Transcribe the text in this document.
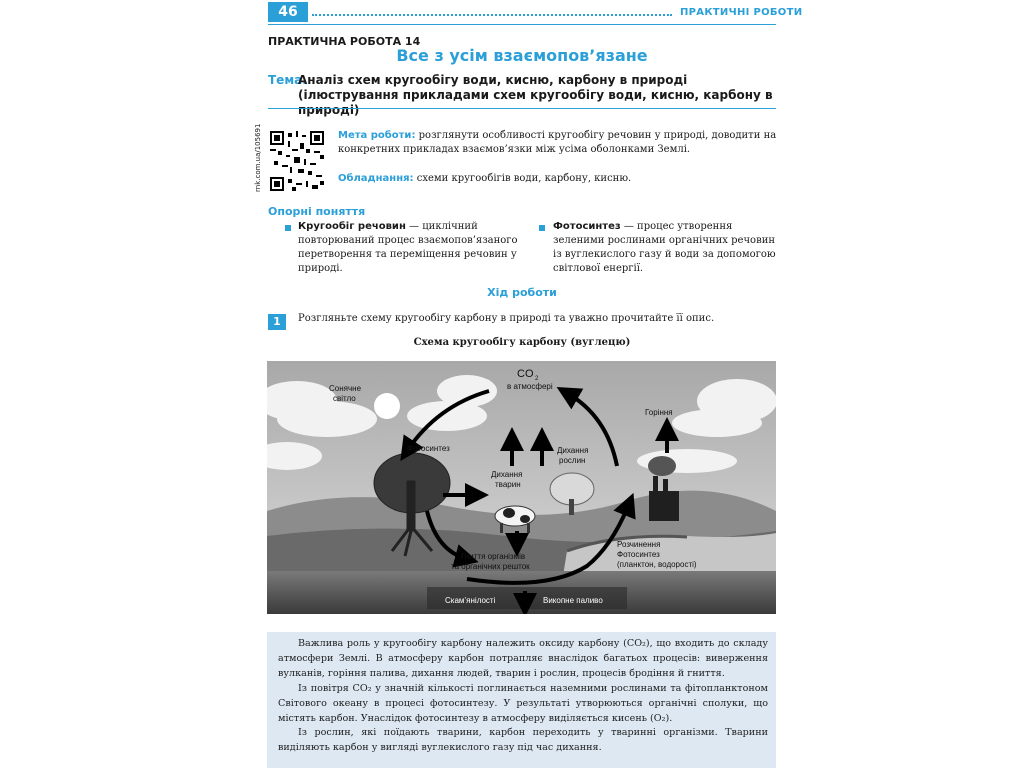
46	ПРАКТИЧНІ РОБОТИ
ПРАКТИЧНА РОБОТА 14
Все з усім взаємопов’язане
Тема.
Аналіз схем кругообігу води, кисню, карбону в природі (ілюстрування прикладами схем кругообігу води, кисню, карбону в природі)
rnk.com.ua/105691	Мета роботи: розглянути особливості кругообігу речовин у природі, доводити на конкретних прикладах взаємов’язки між усіма оболонками Землі.
Обладнання: схеми кругообігів води, карбону, кисню.
Опорні поняття
Кругообіг речовин — циклічний повторюваний процес взаємопов’язаного перетворення та переміщення речовин у природі.
Фотосинтез — процес утворення зеленими рослинами органічних речовин із вуглекислого газу й води за допомогою світлової енергії.
Хід роботи
1	Розгляньте схему кругообігу карбону в природі та уважно прочитайте її опис.
Схема кругообігу карбону (вуглецю)
CO 2
в атмосфері
Сонячне
світло
Фотосинтез
Дихання
тварин
Дихання
рослин
Горіння
Гниття організмів
та органічних решток
Розчинення
Фотосинтез
(планктон, водорості)
Скам’янілості	Викопне паливо

Важлива роль у кругообігу карбону належить оксиду карбону (CO₂), що входить до складу атмосфери Землі. В атмосферу карбон потрапляє внаслідок багатьох процесів: виверження вулканів, горіння палива, дихання людей, тварин і рослин, процесів бродіння й гниття.

Із повітря CO₂ у значній кількості поглинається наземними рослинами та фітопланктоном Світового океану в процесі фотосинтезу. У результаті утворюються органічні сполуки, що містять карбон. Унаслідок фотосинтезу в атмосферу виділяється кисень (O₂).

Із рослин, які поїдають тварини, карбон переходить у тваринні організми. Тварини виділяють карбон у вигляді вуглекислого газу під час дихання.
